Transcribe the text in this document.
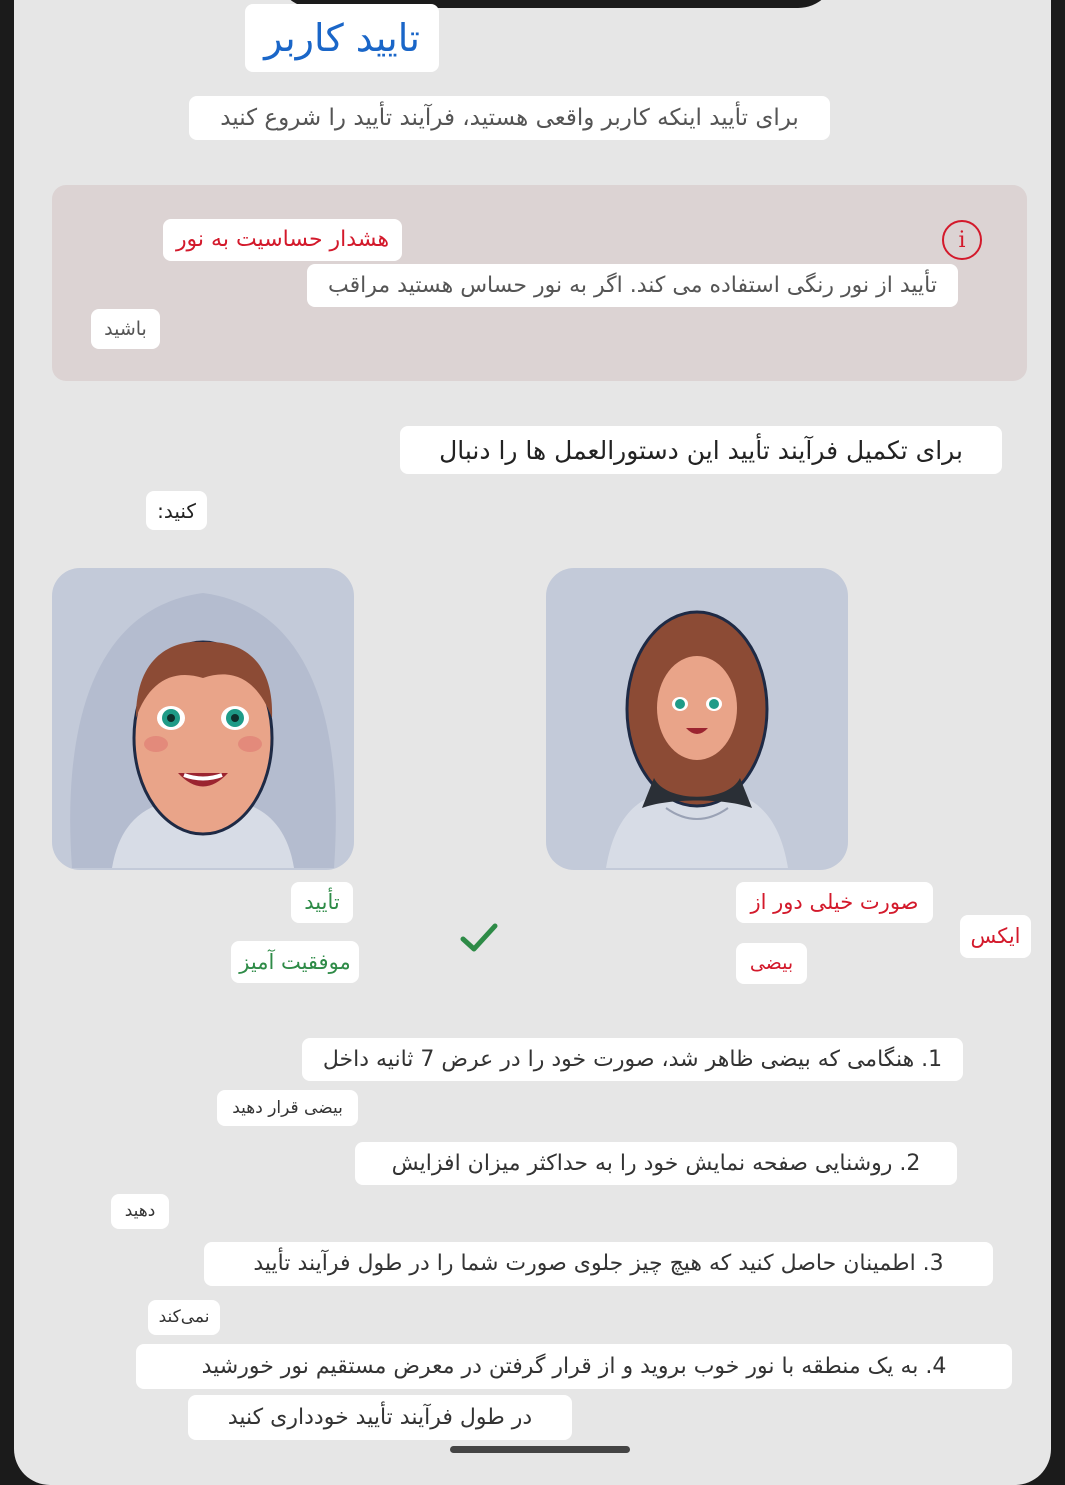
تایید کاربر
برای تأیید اینکه کاربر واقعی هستید، فرآیند تأیید را شروع کنید
i
هشدار حساسیت به نور
تأیید از نور رنگی استفاده می کند. اگر به نور حساس هستید مراقب
باشید
برای تکمیل فرآیند تأیید این دستورالعمل ها را دنبال
کنید:
صورت خیلی دور از
بیضی
ایکس
تأیید
موفقیت آمیز
1. هنگامی که بیضی ظاهر شد، صورت خود را در عرض 7 ثانیه داخل
بیضی قرار دهید
2. روشنایی صفحه نمایش خود را به حداکثر میزان افزایش
دهید
3. اطمینان حاصل کنید که هیچ چیز جلوی صورت شما را در طول فرآیند تأیید
نمی‌کند
4. به یک منطقه با نور خوب بروید و از قرار گرفتن در معرض مستقیم نور خورشید
در طول فرآیند تأیید خودداری کنید
